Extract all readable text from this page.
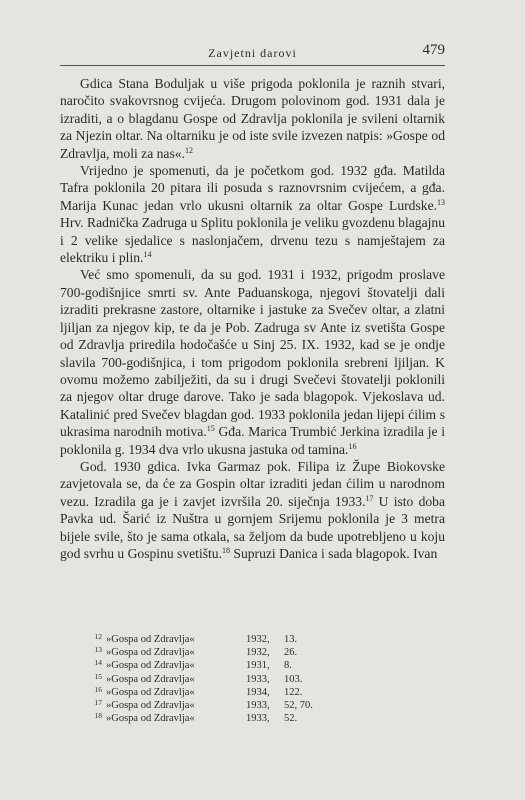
Zavjetni darovi	479

Gdica Stana Boduljak u više prigoda poklonila je raznih stvari, naročito svakovrsnog cvijeća. Drugom polovinom god. 1931 dala je izraditi, a o blagdanu Gospe od Zdravlja poklonila je svileni oltarnik za Njezin oltar. Na oltarniku je od iste svile izvezen natpis: »Gospe od Zdravlja, moli za nas«.$^{12}$

Vrijedno je spomenuti, da je početkom god. 1932 gđa. Matilda Tafra poklonila 20 pitara ili posuda s raznovrsnim cvijećem, a gđa. Marija Kunac jedan vrlo ukusni oltarnik za oltar Gospe Lurdske.$^{13}$ Hrv. Radnička Zadruga u Splitu poklonila je veliku gvozdenu blagajnu i 2 velike sjedalice s naslonjačem, drvenu tezu s namještajem za elektriku i plin.$^{14}$

Već smo spomenuli, da su god. 1931 i 1932, prigodm proslave 700-godišnjice smrti sv. Ante Paduanskoga, njegovi štovatelji dali izraditi prekrasne zastore, oltarnike i jastuke za Svečev oltar, a zlatni ljiljan za njegov kip, te da je Pob. Zadruga sv Ante iz svetišta Gospe od Zdravlja priredila hodočašće u Sinj 25. IX. 1932, kad se je ondje slavila 700-godišnjica, i tom prigodom poklonila srebreni ljiljan. K ovomu možemo zabilježiti, da su i drugi Svečevi štovatelji poklonili za njegov oltar druge darove. Tako je sada blagopok. Vjekoslava ud. Katalinić pred Svečev blagdan god. 1933 poklonila jedan lijepi ćilim s ukrasima narodnih motiva.$^{15}$ Gđa. Marica Trumbić Jerkina izradila je i poklonila g. 1934 dva vrlo ukusna jastuka od tamina.$^{16}$

God. 1930 gdica. Ivka Garmaz pok. Filipa iz Župe Biokovske zavjetovala se, da će za Gospin oltar izraditi jedan ćilim u narodnom vezu. Izradila ga je i zavjet izvršila 20. siječnja 1933.17 U isto doba Pavka ud. Šarić iz Nuštra u gornjem Srijemu poklonila je 3 metra bijele svile, što je sama otkala, sa željom da bude upotrebljeno u koju god svrhu u Gospinu svetištu.$^{18}$ Supruzi Danica i sada blagopok. Ivan

12 »Gospa od Zdravlja«	1932,	13.
13 »Gospa od Zdravlja«	1932,	26.
14 »Gospa od Zdravlja«	1931,	8.
15 »Gospa od Zdravlja«	1933,	103.
16 »Gospa od Zdravlja«	1934,	122.
17 »Gospa od Zdravlja«	1933,	52, 70.
18 »Gospa od Zdravlja«	1933,	52.
